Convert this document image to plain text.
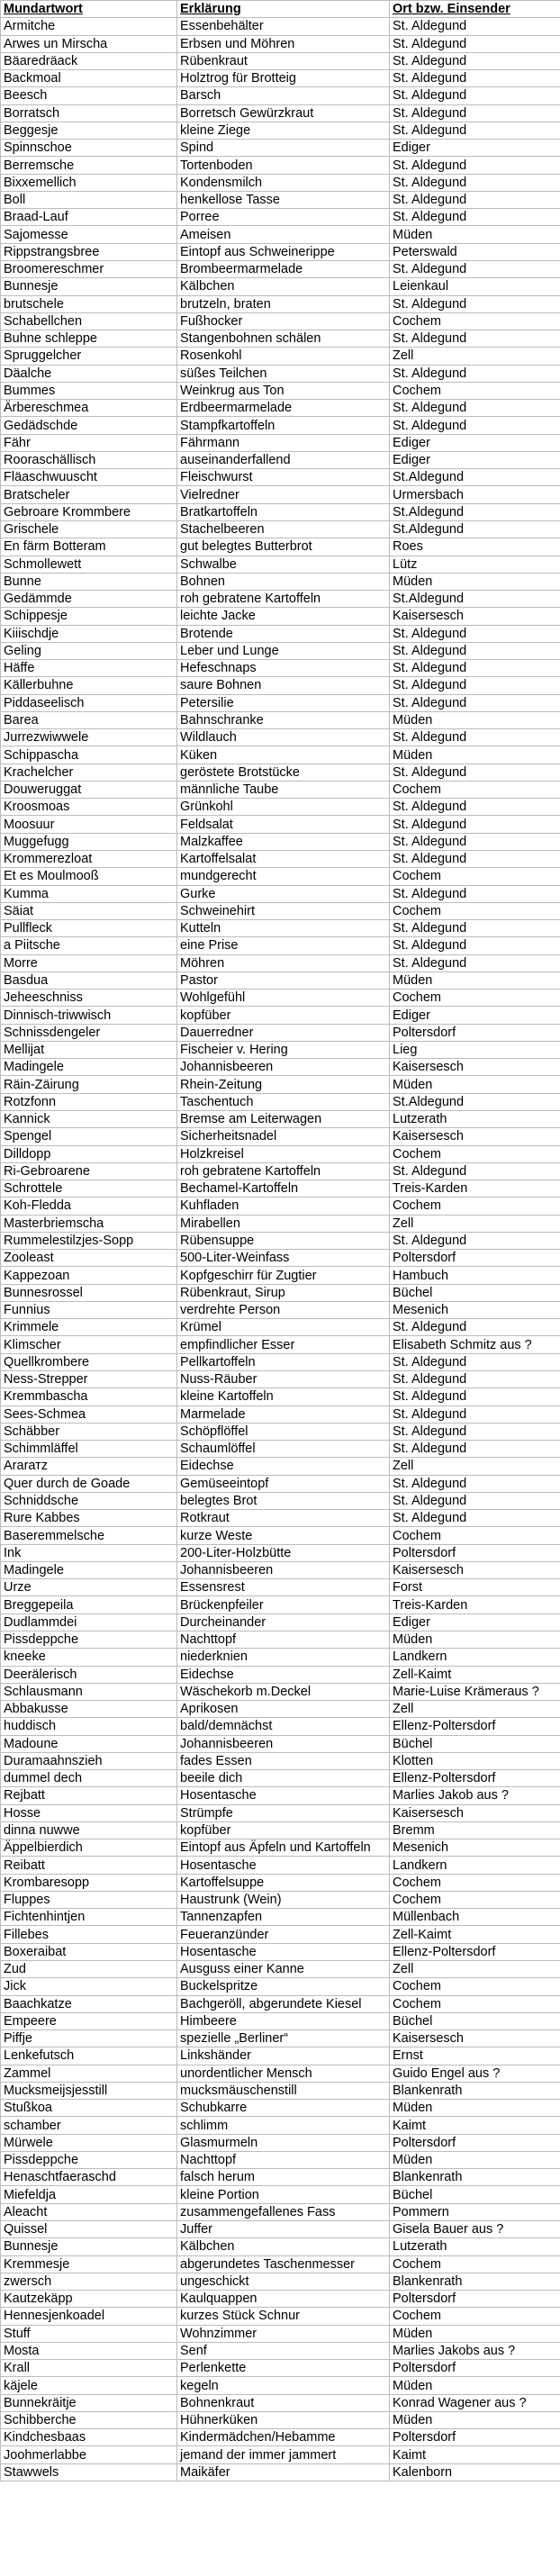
Mundartwort	Erklärung	Ort bzw. Einsender
Armitche	Essenbehälter	St. Aldegund
Arwes un Mirscha	Erbsen und Möhren	St. Aldegund
Bäaredräack	Rübenkraut	St. Aldegund
Backmoal	Holztrog für Brotteig	St. Aldegund
Beesch	Barsch	St. Aldegund
Borratsch	Borretsch Gewürzkraut	St. Aldegund
Beggesje	kleine Ziege	St. Aldegund
Spinnschoe	Spind	Ediger
Berremsche	Tortenboden	St. Aldegund
Bixxemellich	Kondensmilch	St. Aldegund
Boll	henkellose Tasse	St. Aldegund
Braad-Lauf	Porree	St. Aldegund
Sajomesse	Ameisen	Müden
Rippstrangsbree	Eintopf aus Schweinerippe	Peterswald
Broomereschmer	Brombeermarmelade	St. Aldegund
Bunnesje	Kälbchen	Leienkaul
brutschele	brutzeln, braten	St. Aldegund
Schabellchen	Fußhocker	Cochem
Buhne schleppe	Stangenbohnen schälen	St. Aldegund
Spruggelcher	Rosenkohl	Zell
Däalche	süßes Teilchen	St. Aldegund
Bummes	Weinkrug aus Ton	Cochem
Ärbereschmea	Erdbeermarmelade	St. Aldegund
Gedädschde	Stampfkartoffeln	St. Aldegund
Fähr	Fährmann	Ediger
Rooraschällisch	auseinanderfallend	Ediger
Fläaschwuuscht	Fleischwurst	St.Aldegund
Bratscheler	Vielredner	Urmersbach
Gebroare Krommbere	Bratkartoffeln	St.Aldegund
Grischele	Stachelbeeren	St.Aldegund
En färm Botteram	gut belegtes Butterbrot	Roes
Schmollewett	Schwalbe	Lütz
Bunne	Bohnen	Müden
Gedämmde	roh gebratene Kartoffeln	St.Aldegund
Schippesje	leichte Jacke	Kaisersesch
Kiiischdje	Brotende	St. Aldegund
Geling	Leber und Lunge	St. Aldegund
Häffe	Hefeschnaps	St. Aldegund
Källerbuhne	saure Bohnen	St. Aldegund
Piddaseelisch	Petersilie	St. Aldegund
Barea	Bahnschranke	Müden
Jurrezwiwwele	Wildlauch	St. Aldegund
Schippascha	Küken	Müden
Krachelcher	geröstete Brotstücke	St. Aldegund
Douweruggat	männliche Taube	Cochem
Kroosmoas	Grünkohl	St. Aldegund
Moosuur	Feldsalat	St. Aldegund
Muggefugg	Malzkaffee	St. Aldegund
Krommerezloat	Kartoffelsalat	St. Aldegund
Et es Moulmooß	mundgerecht	Cochem
Kumma	Gurke	St. Aldegund
Säiat	Schweinehirt	Cochem
Pullfleck	Kutteln	St. Aldegund
a Piitsche	eine Prise	St. Aldegund
Morre	Möhren	St. Aldegund
Basdua	Pastor	Müden
Jeheeschniss	Wohlgefühl	Cochem
Dinnisch-triwwisch	kopfüber	Ediger
Schnissdengeler	Dauerredner	Poltersdorf
Mellijat	Fischeier v. Hering	Lieg
Madingele	Johannisbeeren	Kaisersesch
Räin-Zäirung	Rhein-Zeitung	Müden
Rotzfonn	Taschentuch	St.Aldegund
Kannick	Bremse am Leiterwagen	Lutzerath
Spengel	Sicherheitsnadel	Kaisersesch
Dilldopp	Holzkreisel	Cochem
Ri-Gebroarene	roh gebratene Kartoffeln	St. Aldegund
Schrottele	Bechamel-Kartoffeln	Treis-Karden
Koh-Fledda	Kuhfladen	Cochem
Masterbriemscha	Mirabellen	Zell
Rummelestilzjes-Sopp	Rübensuppe	St. Aldegund
Zooleast	500-Liter-Weinfass	Poltersdorf
Kappezoan	Kopfgeschirr für Zugtier	Hambuch
Bunnesrossel	Rübenkraut, Sirup	Büchel
Funnius	verdrehte Person	Mesenich
Krimmele	Krümel	St. Aldegund
Klimscher	empfindlicher Esser	Elisabeth Schmitz aus ?
Quellkrombere	Pellkartoffeln	St. Aldegund
Ness-Strepper	Nuss-Räuber	St. Aldegund
Kremmbascha	kleine Kartoffeln	St. Aldegund
Sees-Schmea	Marmelade	St. Aldegund
Schäbber	Schöpflöffel	St. Aldegund
Schimmläffel	Schaumlöffel	St. Aldegund
Ararатz	Eidechse	Zell
Quer durch de Goade	Gemüseeintopf	St. Aldegund
Schniddsche	belegtes Brot	St. Aldegund
Rure Kabbes	Rotkraut	St. Aldegund
Baseremmelsche	kurze Weste	Cochem
Ink	200-Liter-Holzbütte	Poltersdorf
Madingele	Johannisbeeren	Kaisersesch
Urze	Essensrest	Forst
Breggepeila	Brückenpfeiler	Treis-Karden
Dudlammdei	Durcheinander	Ediger
Pissdeppche	Nachttopf	Müden
kneeke	niederknien	Landkern
Deerälerisch	Eidechse	Zell-Kaimt
Schlausmann	Wäschekorb m.Deckel	Marie-Luise Krämeraus ?
Abbakusse	Aprikosen	Zell
huddisch	bald/demnächst	Ellenz-Poltersdorf
Madoune	Johannisbeeren	Büchel
Duramaahnszieh	fades Essen	Klotten
dummel dech	beeile dich	Ellenz-Poltersdorf
Rejbatt	Hosentasche	Marlies Jakob aus ?
Hosse	Strümpfe	Kaisersesch
dinna nuwwe	kopfüber	Bremm
Äppelbierdich	Eintopf aus Äpfeln und Kartoffeln	Mesenich
Reibatt	Hosentasche	Landkern
Krombaresopp	Kartoffelsuppe	Cochem
Fluppes	Haustrunk (Wein)	Cochem
Fichtenhintjen	Tannenzapfen	Müllenbach
Fillebes	Feueranzünder	Zell-Kaimt
Boxeraibat	Hosentasche	Ellenz-Poltersdorf
Zud	Ausguss einer Kanne	Zell
Jick	Buckelspritze	Cochem
Baachkatze	Bachgeröll, abgerundete Kiesel	Cochem
Empeere	Himbeere	Büchel
Piffje	spezielle „Berliner“	Kaisersesch
Lenkefutsch	Linkshänder	Ernst
Zammel	unordentlicher Mensch	Guido Engel aus ?
Mucksmeijsjesstill	mucksmäuschenstill	Blankenrath
Stußkoa	Schubkarre	Müden
schamber	schlimm	Kaimt
Mürwele	Glasmurmeln	Poltersdorf
Pissdeppche	Nachttopf	Müden
Henaschtfaeraschd	falsch herum	Blankenrath
Miefeldja	kleine Portion	Büchel
Aleacht	zusammengefallenes Fass	Pommern
Quissel	Juffer	Gisela Bauer aus ?
Bunnesje	Kälbchen	Lutzerath
Kremmesje	abgerundetes Taschenmesser	Cochem
zwersch	ungeschickt	Blankenrath
Kautzekäpp	Kaulquappen	Poltersdorf
Hennesjenkoadel	kurzes Stück Schnur	Cochem
Stuff	Wohnzimmer	Müden
Mosta	Senf	Marlies Jakobs aus ?
Krall	Perlenkette	Poltersdorf
käjele	kegeln	Müden
Bunnekräitje	Bohnenkraut	Konrad Wagener aus ?
Schibberche	Hühnerküken	Müden
Kindchesbaas	Kindermädchen/Hebamme	Poltersdorf
Joohmerlabbe	jemand der immer jammert	Kaimt
Stawwels	Maikäfer	Kalenborn
